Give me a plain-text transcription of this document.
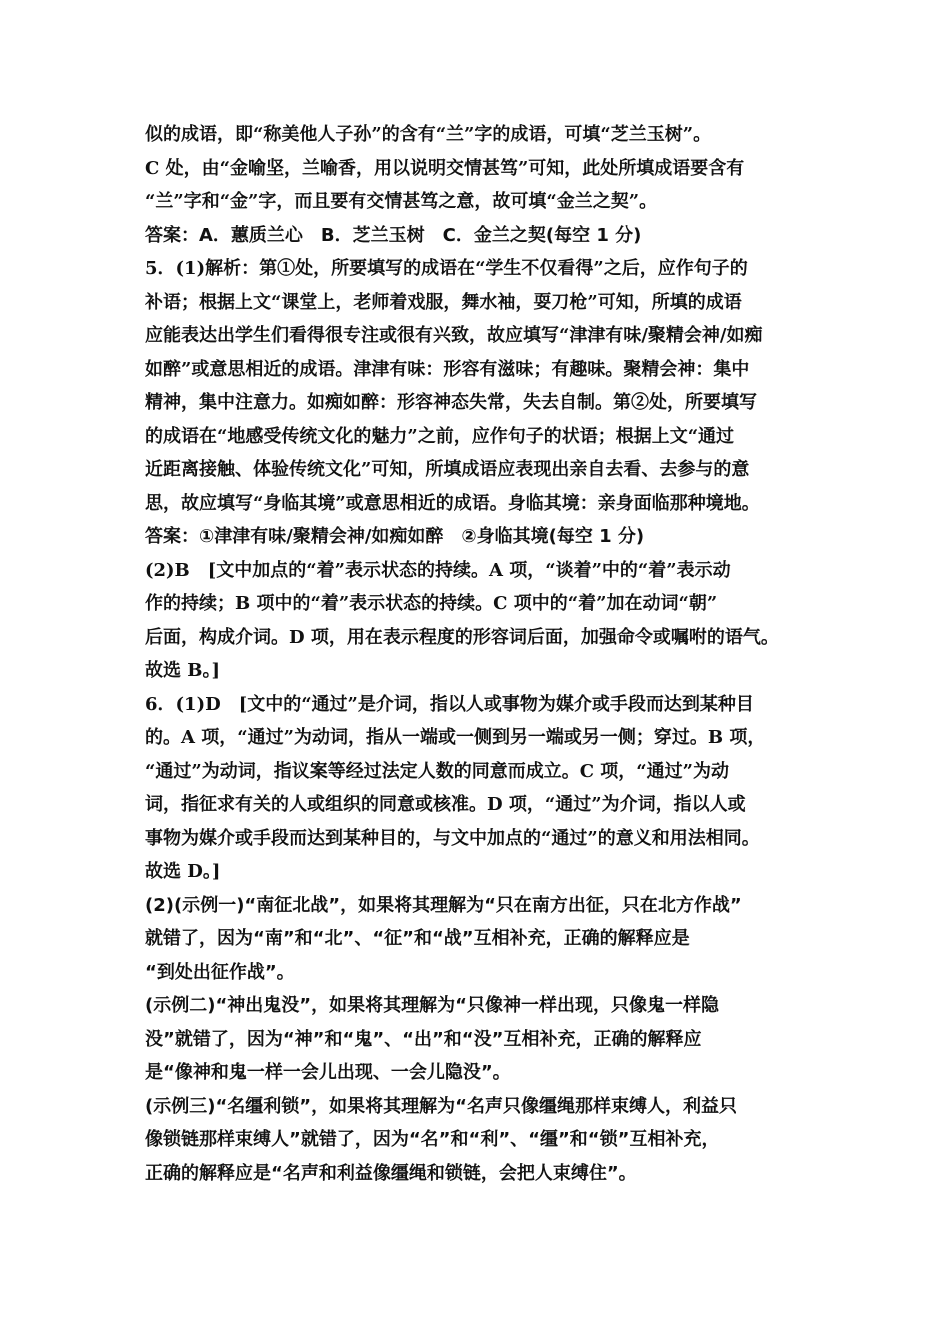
似的成语，即“称美他人子孙”的含有“兰”字的成语，可填“芝兰玉树”。
C 处，由“金喻坚，兰喻香，用以说明交情甚笃”可知，此处所填成语要含有
“兰”字和“金”字，而且要有交情甚笃之意，故可填“金兰之契”。
答案：A．蕙质兰心　B．芝兰玉树　C．金兰之契(每空 1 分)
5．(1)解析：第①处，所要填写的成语在“学生不仅看得”之后，应作句子的
补语；根据上文“课堂上，老师着戏服，舞水袖，耍刀枪”可知，所填的成语
应能表达出学生们看得很专注或很有兴致，故应填写“津津有味/聚精会神/如痴
如醉”或意思相近的成语。津津有味：形容有滋味；有趣味。聚精会神：集中
精神，集中注意力。如痴如醉：形容神态失常，失去自制。第②处，所要填写
的成语在“地感受传统文化的魅力”之前，应作句子的状语；根据上文“通过
近距离接触、体验传统文化”可知，所填成语应表现出亲自去看、去参与的意
思，故应填写“身临其境”或意思相近的成语。身临其境：亲身面临那种境地。
答案：①津津有味/聚精会神/如痴如醉　②身临其境(每空 1 分)
(2)B　[文中加点的“着”表示状态的持续。A 项，“谈着”中的“着”表示动
作的持续；B 项中的“着”表示状态的持续。C 项中的“着”加在动词“朝”
后面，构成介词。D 项，用在表示程度的形容词后面，加强命令或嘱咐的语气。
故选 B。]
6．(1)D　[文中的“通过”是介词，指以人或事物为媒介或手段而达到某种目
的。A 项，“通过”为动词，指从一端或一侧到另一端或另一侧；穿过。B 项，
“通过”为动词，指议案等经过法定人数的同意而成立。C 项，“通过”为动
词，指征求有关的人或组织的同意或核准。D 项，“通过”为介词，指以人或
事物为媒介或手段而达到某种目的，与文中加点的“通过”的意义和用法相同。
故选 D。]
(2)(示例一)“南征北战”，如果将其理解为“只在南方出征，只在北方作战”
就错了，因为“南”和“北”、“征”和“战”互相补充，正确的解释应是
“到处出征作战”。
(示例二)“神出鬼没”，如果将其理解为“只像神一样出现，只像鬼一样隐
没”就错了，因为“神”和“鬼”、“出”和“没”互相补充，正确的解释应
是“像神和鬼一样一会儿出现、一会儿隐没”。
(示例三)“名缰利锁”，如果将其理解为“名声只像缰绳那样束缚人，利益只
像锁链那样束缚人”就错了，因为“名”和“利”、“缰”和“锁”互相补充，
正确的解释应是“名声和利益像缰绳和锁链，会把人束缚住”。
